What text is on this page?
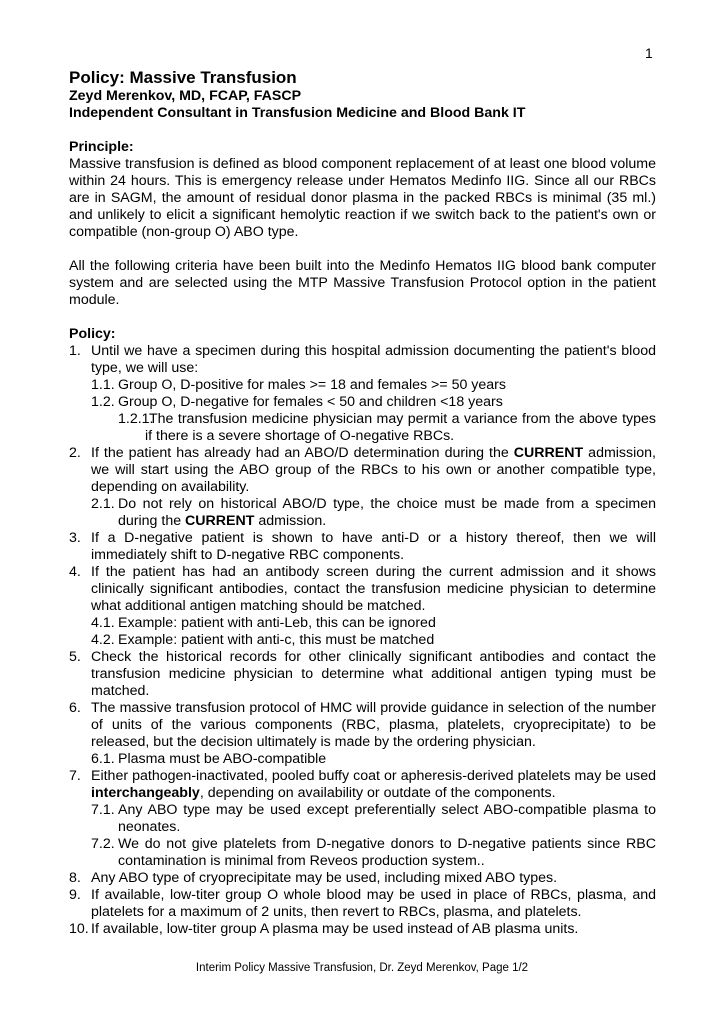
1
Policy: Massive Transfusion
Zeyd Merenkov, MD, FCAP, FASCP
Independent Consultant in Transfusion Medicine and Blood Bank IT
Principle:

Massive transfusion is defined as blood component replacement of at least one blood volume within 24 hours. This is emergency release under Hematos Medinfo IIG. Since all our RBCs are in SAGM, the amount of residual donor plasma in the packed RBCs is minimal (35 ml.) and unlikely to elicit a significant hemolytic reaction if we switch back to the patient's own or compatible (non-group O) ABO type.

All the following criteria have been built into the Medinfo Hematos IIG blood bank computer system and are selected using the MTP Massive Transfusion Protocol option in the patient module.

Policy:
1. Until we have a specimen during this hospital admission documenting the patient's blood type, we will use:
1.1. Group O, D-positive for males >= 18 and females >= 50 years
1.2. Group O, D-negative for females < 50 and children <18 years
1.2.1.The transfusion medicine physician may permit a variance from the above types if there is a severe shortage of O-negative RBCs.
2. If the patient has already had an ABO/D determination during the CURRENT admission, we will start using the ABO group of the RBCs to his own or another compatible type, depending on availability.
2.1. Do not rely on historical ABO/D type, the choice must be made from a specimen during the CURRENT admission.
3. If a D-negative patient is shown to have anti-D or a history thereof, then we will immediately shift to D-negative RBC components.
4. If the patient has had an antibody screen during the current admission and it shows clinically significant antibodies, contact the transfusion medicine physician to determine what additional antigen matching should be matched.
4.1. Example: patient with anti-Leb, this can be ignored
4.2. Example: patient with anti-c, this must be matched
5. Check the historical records for other clinically significant antibodies and contact the transfusion medicine physician to determine what additional antigen typing must be matched.
6. The massive transfusion protocol of HMC will provide guidance in selection of the number of units of the various components (RBC, plasma, platelets, cryoprecipitate) to be released, but the decision ultimately is made by the ordering physician.
6.1. Plasma must be ABO-compatible
7. Either pathogen-inactivated, pooled buffy coat or apheresis-derived platelets may be used interchangeably, depending on availability or outdate of the components.
7.1. Any ABO type may be used except preferentially select ABO-compatible plasma to neonates.
7.2. We do not give platelets from D-negative donors to D-negative patients since RBC contamination is minimal from Reveos production system..
8. Any ABO type of cryoprecipitate may be used, including mixed ABO types.
9. If available, low-titer group O whole blood may be used in place of RBCs, plasma, and platelets for a maximum of 2 units, then revert to RBCs, plasma, and platelets.
10. If available, low-titer group A plasma may be used instead of AB plasma units.
Interim Policy Massive Transfusion, Dr. Zeyd Merenkov, Page 1/2
